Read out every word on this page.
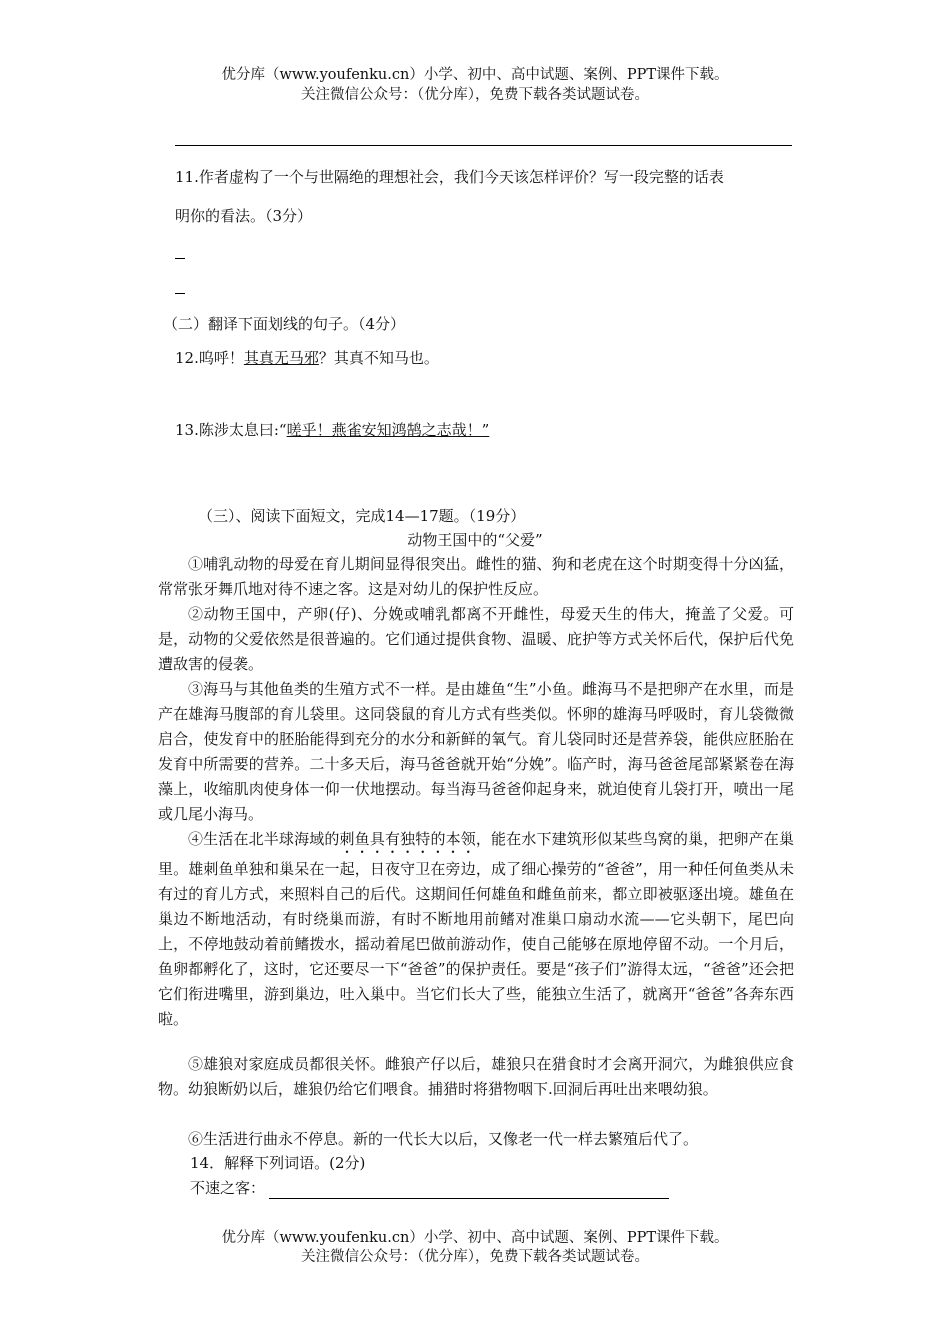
优分库（www.youfenku.cn）小学、初中、高中试题、案例、PPT课件下载。
关注微信公众号：（优分库），免费下载各类试题试卷。
11.作者虚构了一个与世隔绝的理想社会，我们今天该怎样评价？写一段完整的话表
明你的看法。（3分）
（二）翻译下面划线的句子。（4分）
12.呜呼！其真无马邪？其真不知马也。
13.陈涉太息曰:“嗟乎！燕雀安知鸿鹄之志哉！”
（三）、阅读下面短文，完成14—17题。（19分）
动物王国中的“父爱”
①哺乳动物的母爱在育儿期间显得很突出。雌性的猫、狗和老虎在这个时期变得十分凶猛，常常张牙舞爪地对待不速之客。这是对幼儿的保护性反应。
②动物王国中，产卵(仔)、分娩或哺乳都离不开雌性，母爱天生的伟大，掩盖了父爱。可是，动物的父爱依然是很普遍的。它们通过提供食物、温暖、庇护等方式关怀后代，保护后代免遭敌害的侵袭。
③海马与其他鱼类的生殖方式不一样。是由雄鱼“生”小鱼。雌海马不是把卵产在水里，而是产在雄海马腹部的育儿袋里。这同袋鼠的育儿方式有些类似。怀卵的雄海马呼吸时，育儿袋微微启合，使发育中的胚胎能得到充分的水分和新鲜的氧气。育儿袋同时还是营养袋，能供应胚胎在发育中所需要的营养。二十多天后，海马爸爸就开始“分娩”。临产时，海马爸爸尾部紧紧卷在海藻上，收缩肌肉使身体一仰一伏地摆动。每当海马爸爸仰起身来，就迫使育儿袋打开，喷出一尾或几尾小海马。
④生活在北半球海域的刺鱼具有独特的本领，能在水下建筑形似某些鸟窝的巢，把卵产在巢里。雄刺鱼单独和巢呆在一起，日夜守卫在旁边，成了细心操劳的“爸爸”，用一种任何鱼类从未有过的育儿方式，来照料自己的后代。这期间任何雄鱼和雌鱼前来，都立即被驱逐出境。雄鱼在巢边不断地活动，有时绕巢而游，有时不断地用前鳍对准巢口扇动水流——它头朝下，尾巴向上，不停地鼓动着前鳍拨水，摇动着尾巴做前游动作，使自己能够在原地停留不动。一个月后，鱼卵都孵化了，这时，它还要尽一下“爸爸”的保护责任。要是“孩子们”游得太远，“爸爸”还会把它们衔进嘴里，游到巢边，吐入巢中。当它们长大了些，能独立生活了，就离开“爸爸”各奔东西啦。
⑤雄狼对家庭成员都很关怀。雌狼产仔以后，雄狼只在猎食时才会离开洞穴，为雌狼供应食物。幼狼断奶以后，雄狼仍给它们喂食。捕猎时将猎物咽下.回洞后再吐出来喂幼狼。
⑥生活进行曲永不停息。新的一代长大以后，又像老一代一样去繁殖后代了。
14．解释下列词语。(2分)
不速之客：
优分库（www.youfenku.cn）小学、初中、高中试题、案例、PPT课件下载。
关注微信公众号：（优分库），免费下载各类试题试卷。
